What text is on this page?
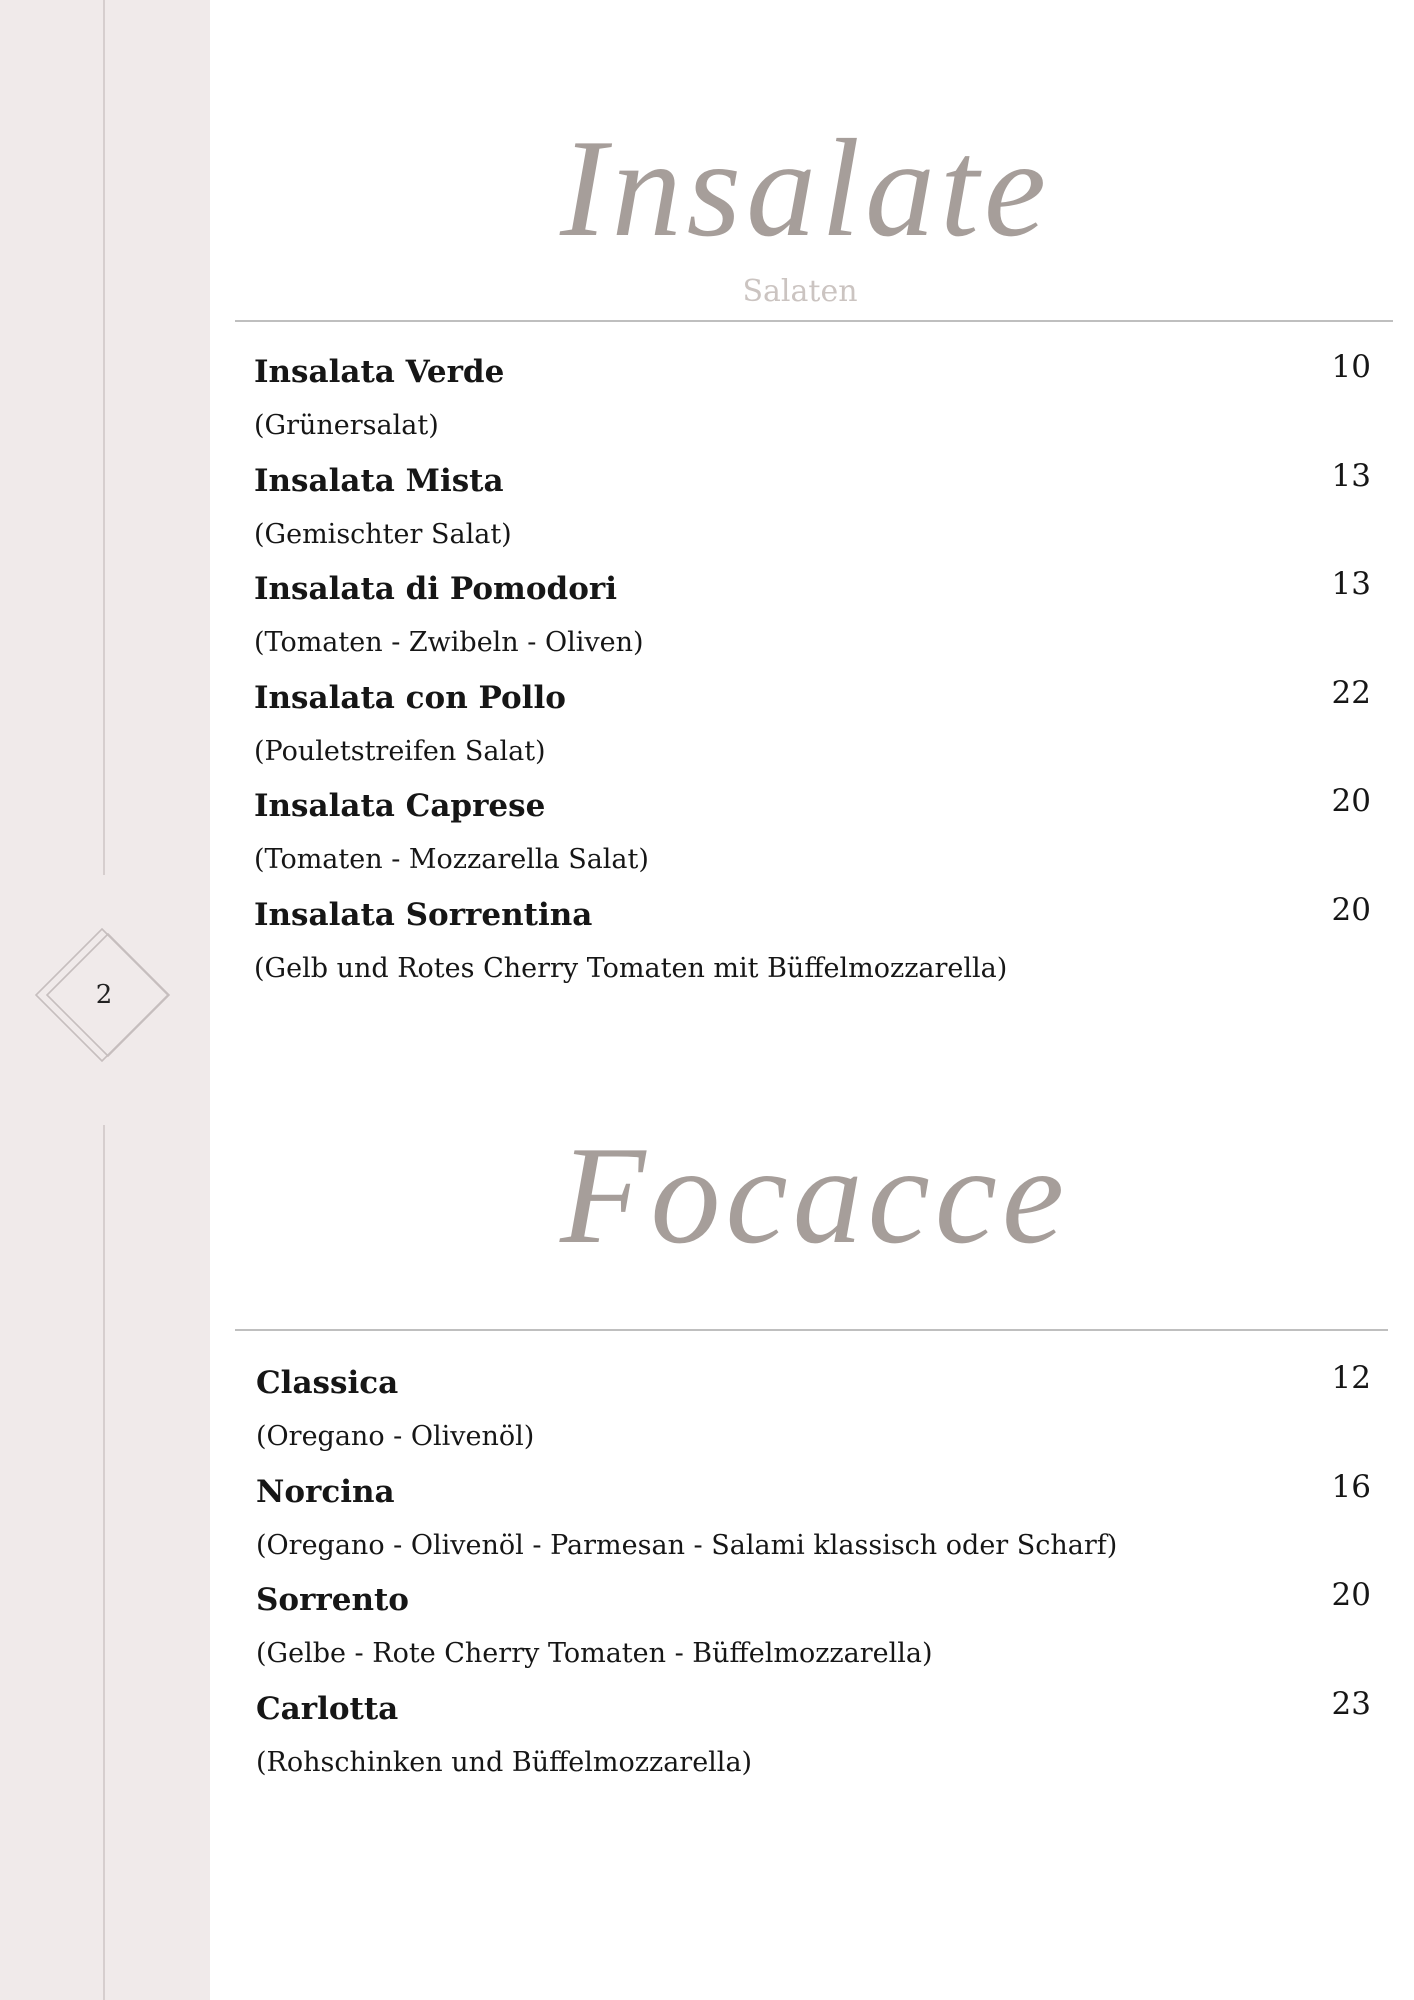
2
Insalate
Salaten
Insalata Verde
(Grünersalat)
10
Insalata Mista
(Gemischter Salat)
13
Insalata di Pomodori
(Tomaten - Zwibeln - Oliven)
13
Insalata con Pollo
(Pouletstreifen Salat)
22
Insalata Caprese
(Tomaten - Mozzarella Salat)
20
Insalata Sorrentina
(Gelb und Rotes Cherry Tomaten mit Büffelmozzarella)
20
Focacce
Classica
(Oregano - Olivenöl)
12
Norcina
(Oregano - Olivenöl - Parmesan - Salami klassisch oder Scharf)
16
Sorrento
(Gelbe - Rote Cherry Tomaten - Büffelmozzarella)
20
Carlotta
(Rohschinken und Büffelmozzarella)
23
